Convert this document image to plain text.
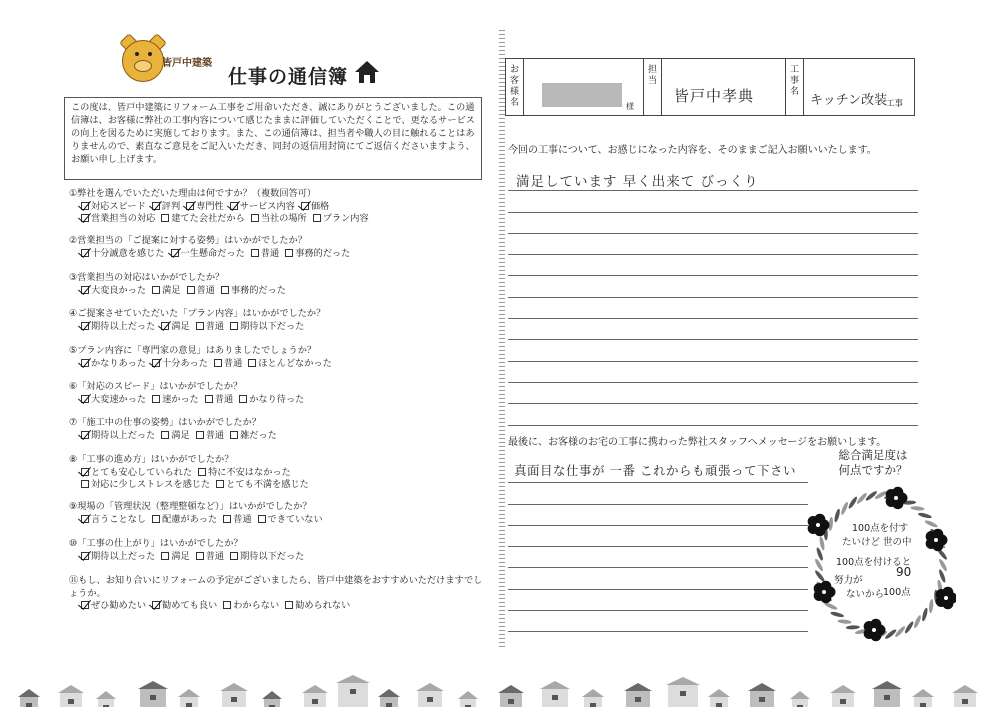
皆戸中建築
仕事の通信簿
この度は、皆戸中建築にリフォーム工事をご用命いただき、誠にありがとうございました。この通信簿は、お客様に弊社の工事内容について感じたままに評価していただくことで、更なるサービスの向上を図るために実施しております。また、この通信簿は、担当者や職人の目に触れることはありませんので、素直なご意見をご記入いただき、同封の返信用封筒にてご返信くださいますよう、お願い申し上げます。
①弊社を選んでいただいた理由は何ですか？（複数回答可）
対応スピード 評判 専門性 サービス内容 価格
営業担当の対応 建てた会社だから 当社の場所 プラン内容
②営業担当の「ご提案に対する姿勢」はいかがでしたか？
十分誠意を感じた 一生懸命だった 普通 事務的だった
③営業担当の対応はいかがでしたか？
大変良かった 満足 普通 事務的だった
④ご提案させていただいた「プラン内容」はいかがでしたか？
期待以上だった 満足 普通 期待以下だった
⑤プラン内容に「専門家の意見」はありましたでしょうか？
かなりあった 十分あった 普通 ほとんどなかった
⑥「対応のスピード」はいかがでしたか？
大変速かった 速かった 普通 かなり待った
⑦「施工中の仕事の姿勢」はいかがでしたか？
期待以上だった 満足 普通 雑だった
⑧「工事の進め方」はいかがでしたか？
とても安心していられた 特に不安はなかった
対応に少しストレスを感じた とても不満を感じた
⑨現場の「管理状況（整理整頓など）」はいかがでしたか？
言うことなし 配慮があった 普通 できていない
⑩「工事の仕上がり」はいかがでしたか？
期待以上だった 満足 普通 期待以下だった
⑪もし、お知り合いにリフォームの予定がございましたら、皆戸中建築をおすすめいただけますでしょうか。
ぜひ勧めたい 勧めても良い わからない 勧められない
お
客
様
名	様
担
当
皆戸中孝典
工
事
名
キッチン改装
工事
今回の工事について、お感じになった内容を、そのままご記入お願いいたします。
満足しています 早く出来て びっくり
最後に、お客様のお宅の工事に携わった弊社スタッフへメッセージをお願いします。
真面目な仕事が 一番 これからも頑張って下さい
総合満足度は
何点ですか？
100点を付す
たいけど 世の中
100点を付けると
努力が
ないから
90
100点
